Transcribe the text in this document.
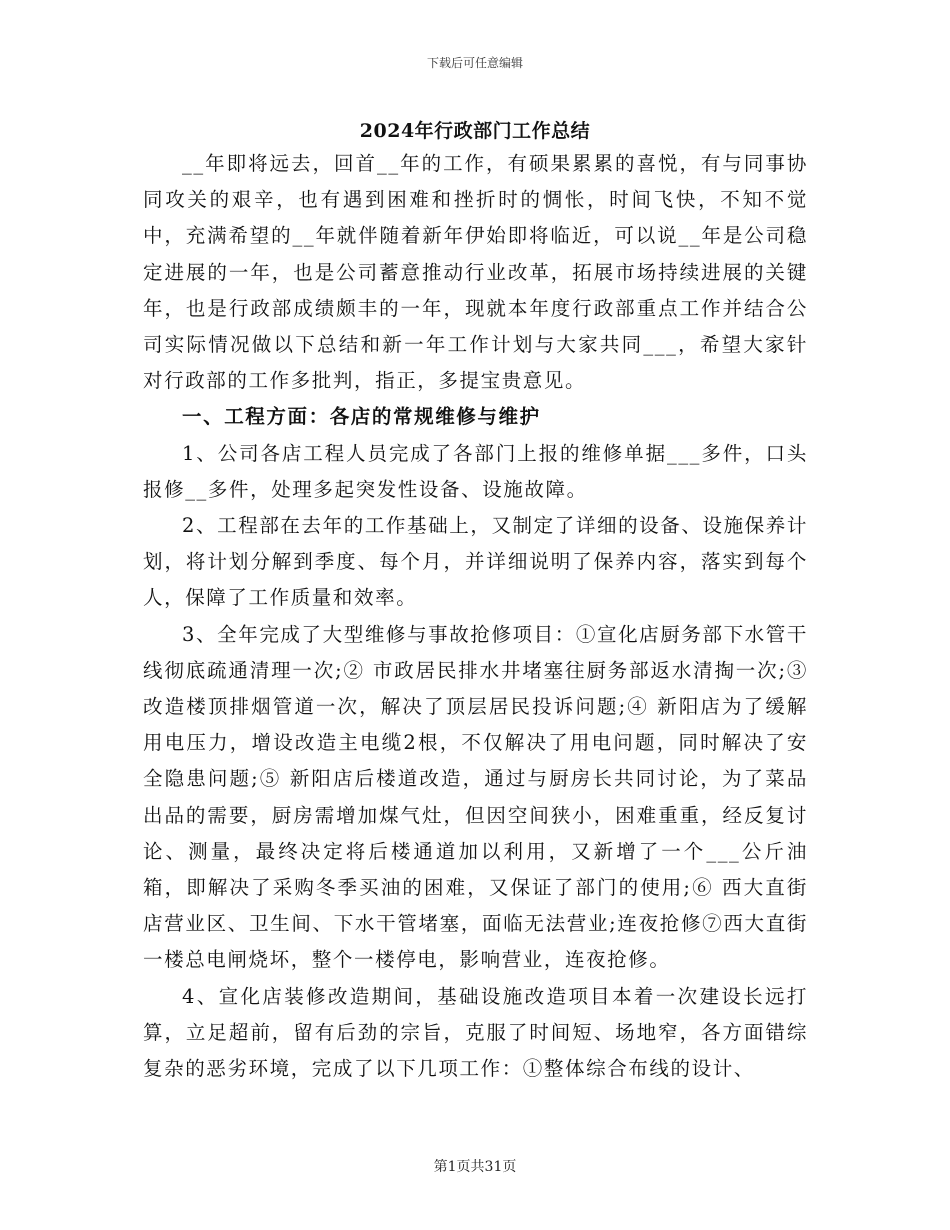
下载后可任意编辑
2024年行政部门工作总结

__年即将远去，回首__年的工作，有硕果累累的喜悦，有与同事协同攻关的艰辛，也有遇到困难和挫折时的惆怅，时间飞快，不知不觉中，充满希望的__年就伴随着新年伊始即将临近，可以说__年是公司稳定进展的一年，也是公司蓄意推动行业改革，拓展市场持续进展的关键年，也是行政部成绩颇丰的一年，现就本年度行政部重点工作并结合公司实际情况做以下总结和新一年工作计划与大家共同___，希望大家针对行政部的工作多批判，指正，多提宝贵意见。

一、工程方面：各店的常规维修与维护

1、公司各店工程人员完成了各部门上报的维修单据___多件，口头报修__多件，处理多起突发性设备、设施故障。

2、工程部在去年的工作基础上，又制定了详细的设备、设施保养计划，将计划分解到季度、每个月，并详细说明了保养内容，落实到每个人，保障了工作质量和效率。

3、全年完成了大型维修与事故抢修项目：①宣化店厨务部下水管干线彻底疏通清理一次;② 市政居民排水井堵塞往厨务部返水清掏一次;③ 改造楼顶排烟管道一次，解决了顶层居民投诉问题;④ 新阳店为了缓解用电压力，增设改造主电缆2根，不仅解决了用电问题，同时解决了安全隐患问题;⑤ 新阳店后楼道改造，通过与厨房长共同讨论，为了菜品出品的需要，厨房需增加煤气灶，但因空间狭小，困难重重，经反复讨论、测量，最终决定将后楼通道加以利用，又新增了一个___公斤油箱，即解决了采购冬季买油的困难，又保证了部门的使用;⑥ 西大直街店营业区、卫生间、下水干管堵塞，面临无法营业;连夜抢修⑦西大直街一楼总电闸烧坏，整个一楼停电，影响营业，连夜抢修。

4、宣化店装修改造期间，基础设施改造项目本着一次建设长远打算，立足超前，留有后劲的宗旨，克服了时间短、场地窄，各方面错综复杂的恶劣环境，完成了以下几项工作：①整体综合布线的设计、

第1页共31页
